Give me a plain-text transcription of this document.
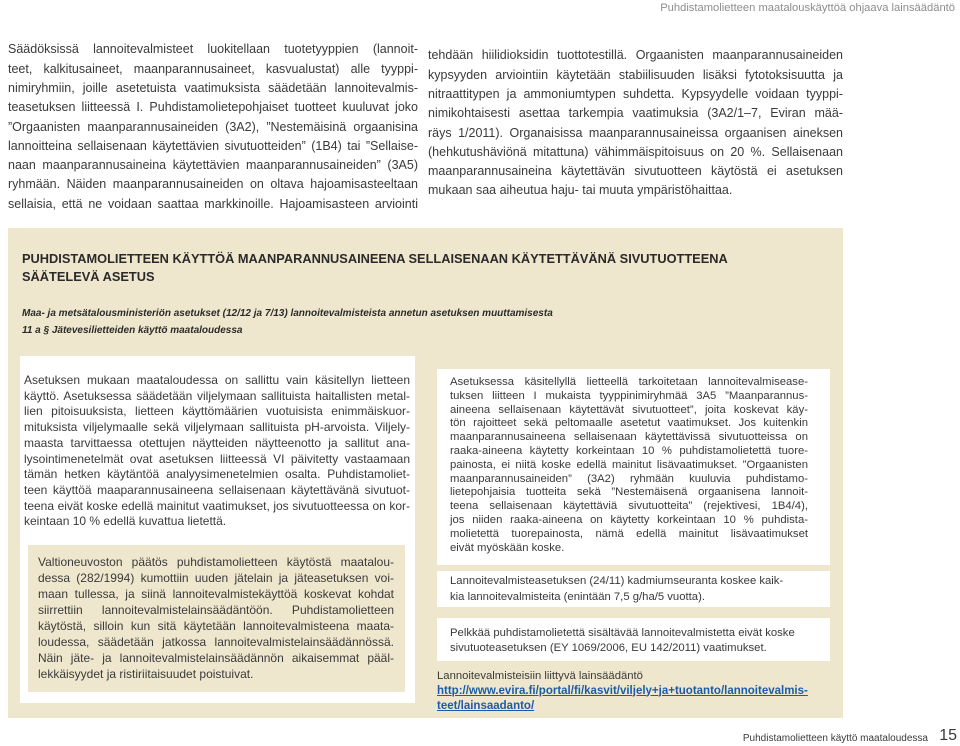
Puhdistamolietteen maatalouskäyttöä ohjaava lainsäädäntö
Säädöksissä lannoitevalmisteet luokitellaan tuotetyyppien (lannoit-
teet, kalkitusaineet, maanparannusaineet, kasvualustat) alle tyyppi-
nimiryhmiin, joille asetetuista vaatimuksista säädetään lannoitevalmis-
teasetuksen liitteessä I. Puhdistamolietepohjaiset tuotteet kuuluvat joko
”Orgaanisten maanparannusaineiden (3A2), ”Nestemäisinä orgaanisina
lannoitteina sellaisenaan käytettävien sivutuotteiden” (1B4) tai ”Sellaise-
naan maanparannusaineina käytettävien maanparannusaineiden” (3A5)
ryhmään. Näiden maanparannusaineiden on oltava hajoamisasteeltaan
sellaisia, että ne voidaan saattaa markkinoille. Hajoamisasteen arviointi
tehdään hiilidioksidin tuottotestillä. Orgaanisten maanparannusaineiden
kypsyyden arviointiin käytetään stabiilisuuden lisäksi fytotoksisuutta ja
nitraattitypen ja ammoniumtypen suhdetta. Kypsyydelle voidaan tyyppi-
nimikohtaisesti asettaa tarkempia vaatimuksia (3A2/1–7, Eviran mää-
räys 1/2011). Organaisissa maanparannusaineissa orgaanisen aineksen
(hehkutushäviönä mitattuna) vähimmäispitoisuus on 20 %. Sellaisenaan
maanparannusaineina käytettävän sivutuotteen käytöstä ei asetuksen
mukaan saa aiheutua haju- tai muuta ympäristöhaittaa.
PUHDISTAMOLIETTEEN KÄYTTÖÄ MAANPARANNUSAINEENA SELLAISENAAN KÄYTETTÄVÄNÄ SIVUTUOTTEENA
SÄÄTELEVÄ ASETUS
Maa- ja metsätalousministeriön asetukset (12/12 ja 7/13) lannoitevalmisteista annetun asetuksen muuttamisesta
11 a § Jätevesilietteiden käyttö maataloudessa
Asetuksen mukaan maataloudessa on sallittu vain käsitellyn lietteen
käyttö. Asetuksessa säädetään viljelymaan sallituista haitallisten metal-
lien pitoisuuksista, lietteen käyttömäärien vuotuisista enimmäiskuor-
mituksista viljelymaalle sekä viljelymaan sallituista pH-arvoista. Viljely-
maasta tarvittaessa otettujen näytteiden näytteenotto ja sallitut ana-
lysointimenetelmät ovat asetuksen liitteessä VI päivitetty vastaamaan
tämän hetken käytäntöä analyysimenetelmien osalta. Puhdistamoliet-
teen käyttöä maaparannusaineena sellaisenaan käytettävänä sivutuot-
teena eivät koske edellä mainitut vaatimukset, jos sivutuotteessa on kor-
keintaan 10 % edellä kuvattua lietettä.
Valtioneuvoston päätös puhdistamolietteen käytöstä maatalou-
dessa (282/1994) kumottiin uuden jätelain ja jäteasetuksen voi-
maan tullessa, ja siinä lannoitevalmistekäyttöä koskevat kohdat
siirrettiin lannoitevalmistelainsäädäntöön. Puhdistamolietteen
käytöstä, silloin kun sitä käytetään lannoitevalmisteena maata-
loudessa, säädetään jatkossa lannoitevalmistelainsäädännössä.
Näin jäte- ja lannoitevalmistelainsäädännön aikaisemmat pääl-
lekkäisyydet ja ristiriitaisuudet poistuivat.
Asetuksessa käsitellyllä lietteellä tarkoitetaan lannoitevalmisease-
tuksen liitteen I mukaista tyyppinimiryhmää 3A5 ”Maanparannus-
aineena sellaisenaan käytettävät sivutuotteet”, joita koskevat käy-
tön rajoitteet sekä peltomaalle asetetut vaatimukset. Jos kuitenkin
maanparannusaineena sellaisenaan käytettävissä sivutuotteissa on
raaka-aineena käytetty korkeintaan 10 % puhdistamolietettä tuore-
painosta, ei niitä koske edellä mainitut lisävaatimukset. ”Orgaanisten
maanparannusaineiden” (3A2) ryhmään kuuluvia puhdistamo-
lietepohjaisia tuotteita sekä ”Nestemäisenä orgaanisena lannoit-
teena sellaisenaan käytettäviä sivutuotteita” (rejektivesi, 1B4/4),
jos niiden raaka-aineena on käytetty korkeintaan 10 % puhdista-
molietettä tuorepainosta, nämä edellä mainitut lisävaatimukset
eivät myöskään koske.
Lannoitevalmisteasetuksen (24/11) kadmiumseuranta koskee kaik-
kia lannoitevalmisteita (enintään 7,5 g/ha/5 vuotta).
Pelkkää puhdistamolietettä sisältävää lannoitevalmistetta eivät koske
sivutuoteasetuksen (EY 1069/2006, EU 142/2011) vaatimukset.
Lannoitevalmisteisiin liittyvä lainsäädäntö
http://www.evira.fi/portal/fi/kasvit/viljely+ja+tuotanto/lannoitevalmis-
teet/lainsaadanto/
Puhdistamolietteen käyttö maataloudessa 15
